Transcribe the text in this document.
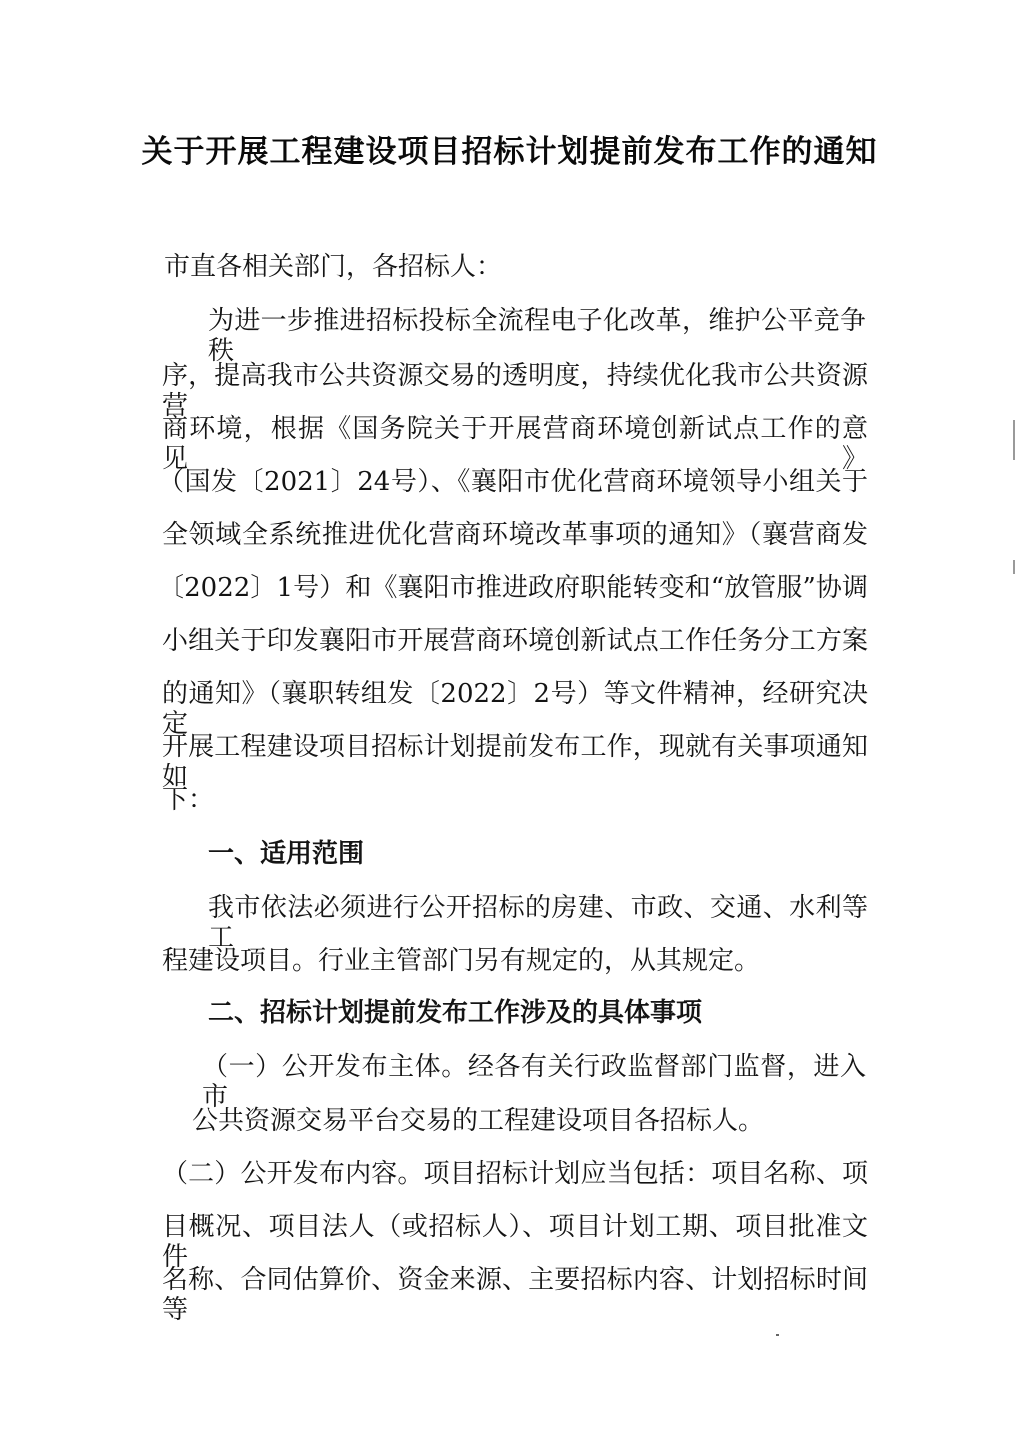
关于开展工程建设项目招标计划提前发布工作的通知
市直各相关部门，各招标人：
为进一步推进招标投标全流程电子化改革，维护公平竞争秩
序，提高我市公共资源交易的透明度，持续优化我市公共资源营
商环境，根据《国务院关于开展营商环境创新试点工作的意见》
（国发〔2021〕24号）、《襄阳市优化营商环境领导小组关于
全领域全系统推进优化营商环境改革事项的通知》（襄营商发
〔2022〕1号）和《襄阳市推进政府职能转变和“放管服”协调
小组关于印发襄阳市开展营商环境创新试点工作任务分工方案
的通知》（襄职转组发〔2022〕2号）等文件精神，经研究决定
开展工程建设项目招标计划提前发布工作，现就有关事项通知如
下：
一、适用范围
我市依法必须进行公开招标的房建、市政、交通、水利等工
程建设项目。行业主管部门另有规定的，从其规定。
二、招标计划提前发布工作涉及的具体事项
（一）公开发布主体。经各有关行政监督部门监督，进入市
公共资源交易平台交易的工程建设项目各招标人。
（二）公开发布内容。项目招标计划应当包括：项目名称、项
目概况、项目法人（或招标人）、项目计划工期、项目批准文件
名称、合同估算价、资金来源、主要招标内容、计划招标时间等
